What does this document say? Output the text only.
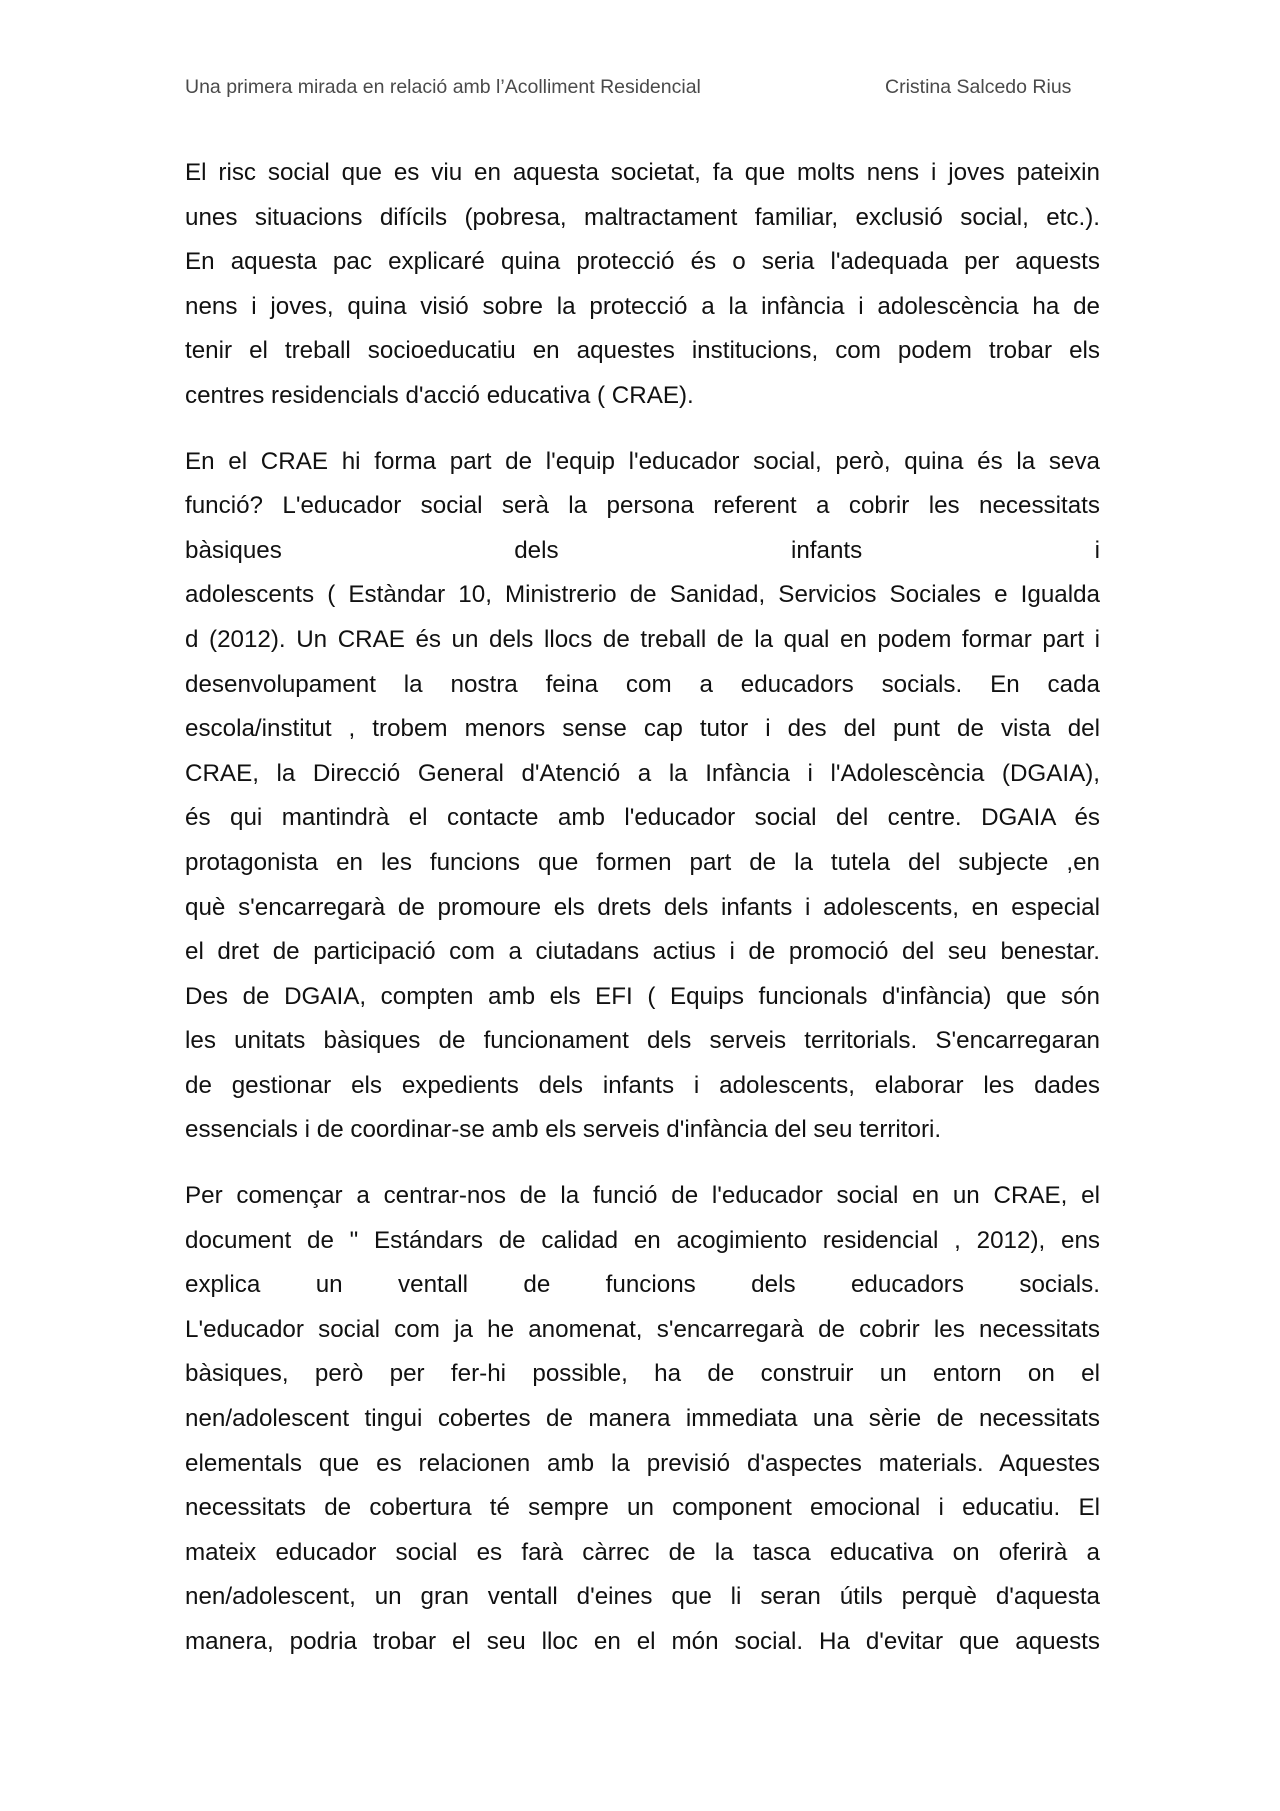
Una primera mirada en relació amb l’Acolliment Residencial	Cristina Salcedo Rius
El risc social que es viu en aquesta societat, fa que molts nens i joves pateixin
unes situacions difícils (pobresa, maltractament familiar, exclusió social, etc.).
En aquesta pac explicaré quina protecció és o seria l'adequada per aquests
nens i joves, quina visió sobre la protecció a la infància i adolescència ha de
tenir el treball socioeducatiu en aquestes institucions, com podem trobar els
centres residencials d'acció educativa ( CRAE).
En el CRAE hi forma part de l'equip l'educador social, però, quina és la seva
funció? L'educador social serà la persona referent a cobrir les necessitats
bàsiques dels infants i
adolescents ( Estàndar 10, Ministrerio de Sanidad, Servicios Sociales e Igualda
d (2012). Un CRAE és un dels llocs de treball de la qual en podem formar part i
desenvolupament la nostra feina com a educadors socials. En cada
escola/institut , trobem menors sense cap tutor i des del punt de vista del
CRAE, la Direcció General d'Atenció a la Infància i l'Adolescència (DGAIA),
és qui mantindrà el contacte amb l'educador social del centre. DGAIA és
protagonista en les funcions que formen part de la tutela del subjecte ,en
què s'encarregarà de promoure els drets dels infants i adolescents, en especial
el dret de participació com a ciutadans actius i de promoció del seu benestar.
Des de DGAIA, compten amb els EFI ( Equips funcionals d'infància) que són
les unitats bàsiques de funcionament dels serveis territorials. S'encarregaran
de gestionar els expedients dels infants i adolescents, elaborar les dades
essencials i de coordinar-se amb els serveis d'infància del seu territori.
Per començar a centrar-nos de la funció de l'educador social en un CRAE, el
document de " Estándars de calidad en acogimiento residencial , 2012), ens
explica un ventall de funcions dels educadors socials.
L'educador social com ja he anomenat, s'encarregarà de cobrir les necessitats
bàsiques, però per fer-hi possible, ha de construir un entorn on el
nen/adolescent tingui cobertes de manera immediata una sèrie de necessitats
elementals que es relacionen amb la previsió d'aspectes materials. Aquestes
necessitats de cobertura té sempre un component emocional i educatiu. El
mateix educador social es farà càrrec de la tasca educativa on oferirà a
nen/adolescent, un gran ventall d'eines que li seran útils perquè d'aquesta
manera, podria trobar el seu lloc en el món social. Ha d'evitar que aquests
